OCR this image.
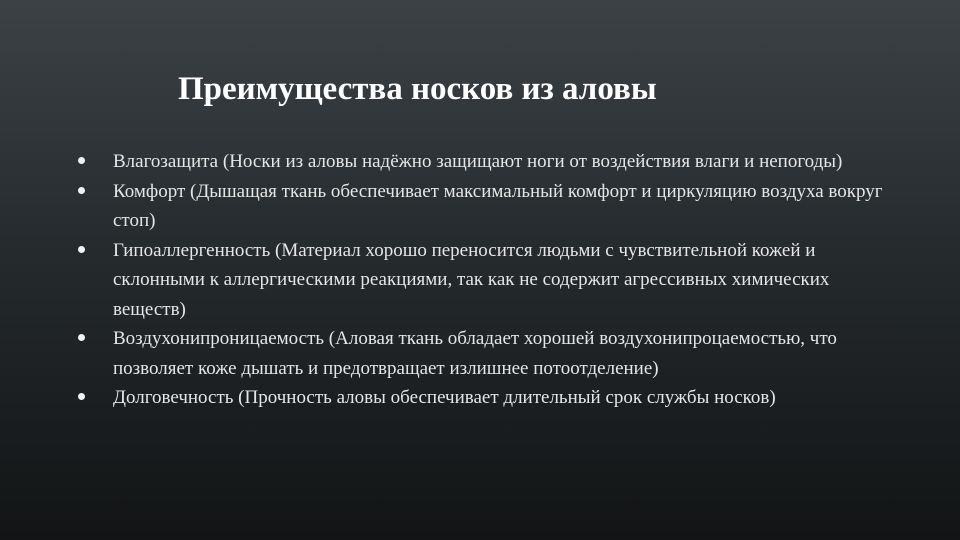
Преимущества носков из аловы
Влагозащита (Носки из аловы надёжно защищают ноги от воздействия влаги и непогоды)
Комфорт (Дышащая ткань обеспечивает максимальный комфорт и циркуляцию воздуха вокруг стоп)
Гипоаллергенность (Материал хорошо переносится людьми с чувствительной кожей и склонными к аллергическими реакциями, так как не содержит агрессивных химических веществ)
Воздухонипроницаемость (Аловая ткань обладает хорошей воздухонипроцаемостью, что позволяет коже дышать и предотвращает излишнее потоотделение)
Долговечность (Прочность аловы обеспечивает длительный срок службы носков)
